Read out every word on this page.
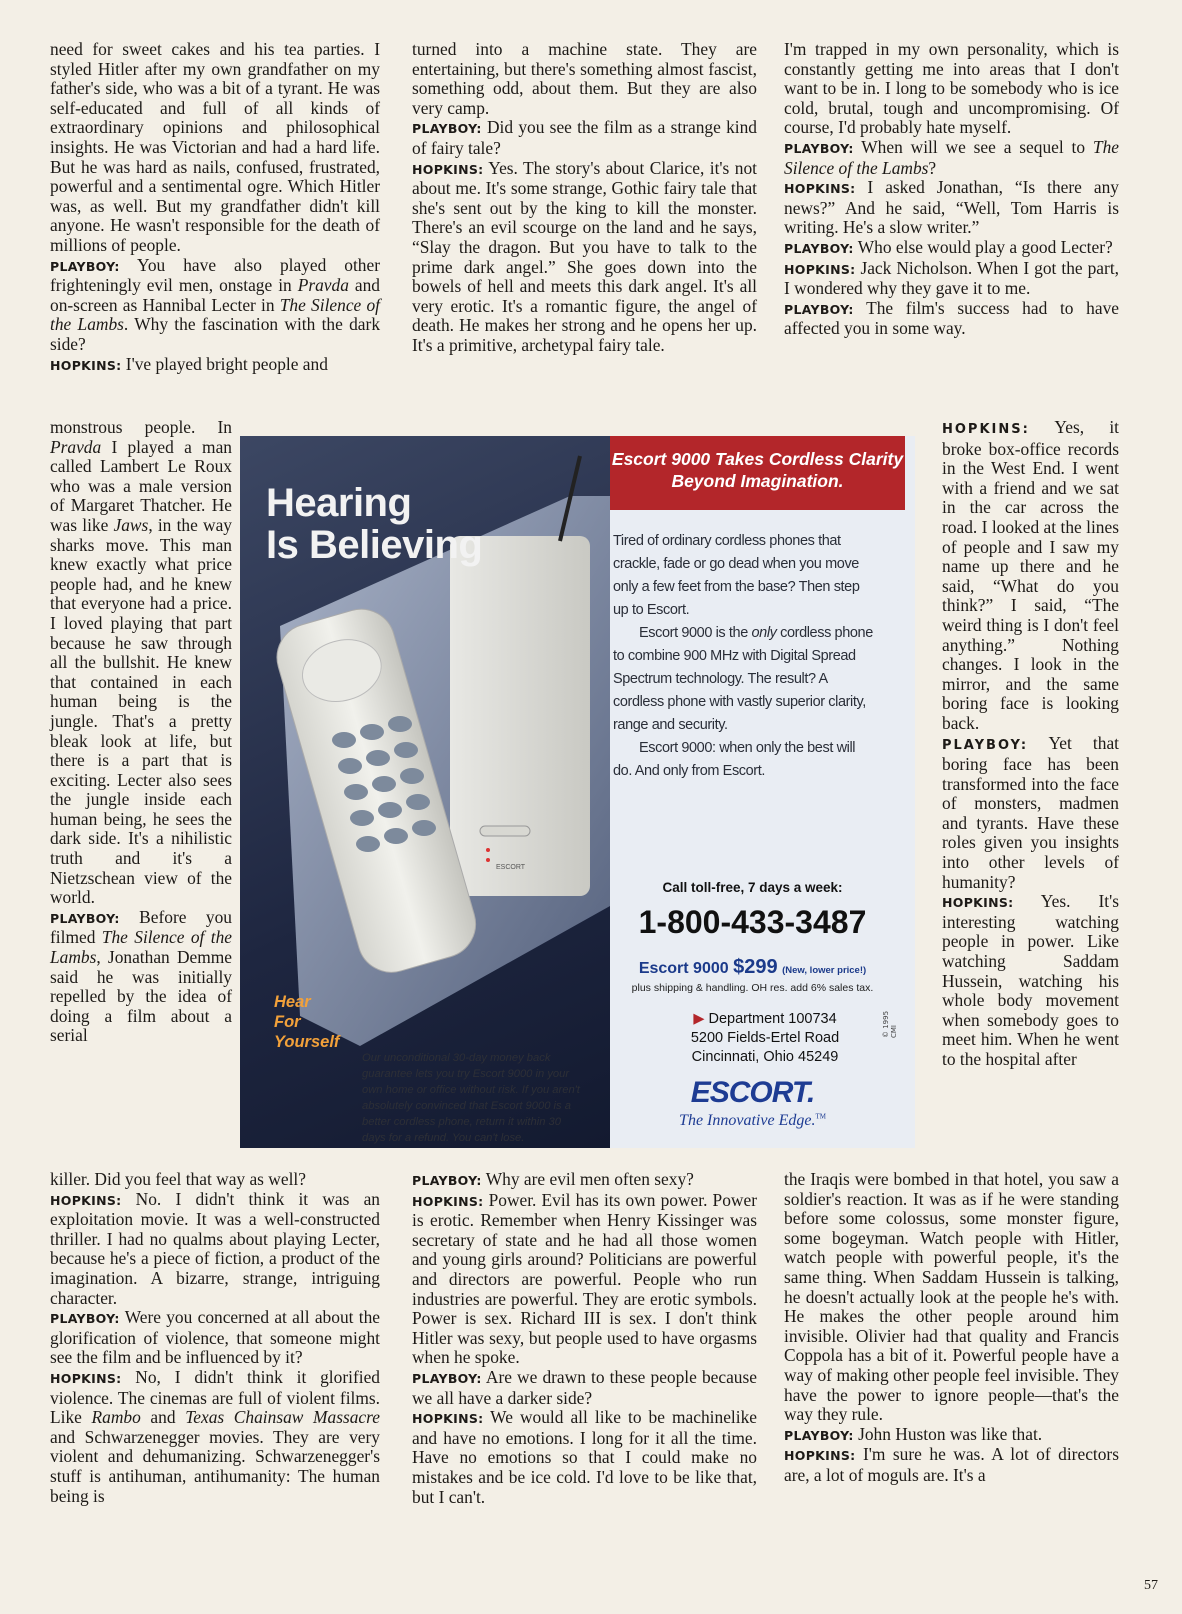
need for sweet cakes and his tea parties. I styled Hitler after my own grandfather on my father's side, who was a bit of a tyrant. He was self-educated and full of all kinds of extraordinary opinions and philosophical insights. He was Victorian and had a hard life. But he was hard as nails, confused, frustrated, powerful and a sentimental ogre. Which Hitler was, as well. But my grandfather didn't kill anyone. He wasn't responsible for the death of millions of people.

PLAYBOY: You have also played other frighteningly evil men, onstage in Pravda and on-screen as Hannibal Lecter in The Silence of the Lambs. Why the fascination with the dark side?

HOPKINS: I've played bright people and

monstrous people. In Pravda I played a man called Lambert Le Roux who was a male version of Margaret Thatcher. He was like Jaws, in the way sharks move. This man knew exactly what price people had, and he knew that everyone had a price. I loved playing that part because he saw through all the bullshit. He knew that contained in each human being is the jungle. That's a pretty bleak look at life, but there is a part that is exciting. Lecter also sees the jungle inside each human being, he sees the dark side. It's a nihilistic truth and it's a Nietzschean view of the world.

PLAYBOY: Before you filmed The Silence of the Lambs, Jonathan Demme said he was initially repelled by the idea of doing a film about a serial

killer. Did you feel that way as well?

HOPKINS: No. I didn't think it was an exploitation movie. It was a well-constructed thriller. I had no qualms about playing Lecter, because he's a piece of fiction, a product of the imagination. A bizarre, strange, intriguing character.

PLAYBOY: Were you concerned at all about the glorification of violence, that someone might see the film and be influenced by it?

HOPKINS: No, I didn't think it glorified violence. The cinemas are full of violent films. Like Rambo and Texas Chainsaw Massacre and Schwarzenegger movies. They are very violent and dehumanizing. Schwarzenegger's stuff is antihuman, antihumanity: The human being is

turned into a machine state. They are entertaining, but there's something almost fascist, something odd, about them. But they are also very camp.

PLAYBOY: Did you see the film as a strange kind of fairy tale?

HOPKINS: Yes. The story's about Clarice, it's not about me. It's some strange, Gothic fairy tale that she's sent out by the king to kill the monster. There's an evil scourge on the land and he says, “Slay the dragon. But you have to talk to the prime dark angel.” She goes down into the bowels of hell and meets this dark angel. It's all very erotic. It's a romantic figure, the angel of death. He makes her strong and he opens her up. It's a primitive, archetypal fairy tale.

PLAYBOY: Why are evil men often sexy?

HOPKINS: Power. Evil has its own power. Power is erotic. Remember when Henry Kissinger was secretary of state and he had all those women and young girls around? Politicians are powerful and directors are powerful. People who run industries are powerful. They are erotic symbols. Power is sex. Richard III is sex. I don't think Hitler was sexy, but people used to have orgasms when he spoke.

PLAYBOY: Are we drawn to these people because we all have a darker side?

HOPKINS: We would all like to be machinelike and have no emotions. I long for it all the time. Have no emotions so that I could make no mistakes and be ice cold. I'd love to be like that, but I can't.

I'm trapped in my own personality, which is constantly getting me into areas that I don't want to be in. I long to be somebody who is ice cold, brutal, tough and uncompromising. Of course, I'd probably hate myself.

PLAYBOY: When will we see a sequel to The Silence of the Lambs?

HOPKINS: I asked Jonathan, “Is there any news?” And he said, “Well, Tom Harris is writing. He's a slow writer.”

PLAYBOY: Who else would play a good Lecter?

HOPKINS: Jack Nicholson. When I got the part, I wondered why they gave it to me.

PLAYBOY: The film's success had to have affected you in some way.

HOPKINS: Yes, it broke box-office records in the West End. I went with a friend and we sat in the car across the road. I looked at the lines of people and I saw my name up there and he said, “What do you think?” I said, “The weird thing is I don't feel anything.” Nothing changes. I look in the mirror, and the same boring face is looking back.

PLAYBOY: Yet that boring face has been transformed into the face of monsters, madmen and tyrants. Have these roles given you insights into other levels of humanity?

HOPKINS: Yes. It's interesting watching people in power. Like watching Saddam Hussein, watching his whole body movement when somebody goes to meet him. When he went to the hospital after

the Iraqis were bombed in that hotel, you saw a soldier's reaction. It was as if he were standing before some colossus, some monster figure, some bogeyman. Watch people with Hitler, watch people with powerful people, it's the same thing. When Saddam Hussein is talking, he doesn't actually look at the people he's with. He makes the other people around him invisible. Olivier had that quality and Francis Coppola has a bit of it. Powerful people have a way of making other people feel invisible. They have the power to ignore people—that's the way they rule.

PLAYBOY: John Huston was like that.

HOPKINS: I'm sure he was. A lot of directors are, a lot of moguls are. It's a

Hearing
Is Believing
ESCORT
Hear
For
Yourself
Escort 9000 Takes Cordless Clarity
Beyond Imagination.

Tired of ordinary cordless phones that crackle, fade or go dead when you move only a few feet from the base? Then step up to Escort.

Escort 9000 is the only cordless phone to combine 900 MHz with Digital Spread Spectrum technology. The result? A cordless phone with vastly superior clarity, range and security.

Escort 9000: when only the best will do. And only from Escort.

Call toll-free, 7 days a week:
1-800-433-3487
Escort 9000 $299 (New, lower price!)
plus shipping & handling. OH res. add 6% sales tax.
▶ Department 100734
5200 Fields-Ertel Road
Cincinnati, Ohio 45249
ESCORT.
The Innovative Edge.™
© 1995 CMI
Our unconditional 30-day money back guarantee lets you try Escort 9000 in your own home or office without risk. If you aren't absolutely convinced that Escort 9000 is a better cordless phone, return it within 30 days for a refund. You can't lose.
57
